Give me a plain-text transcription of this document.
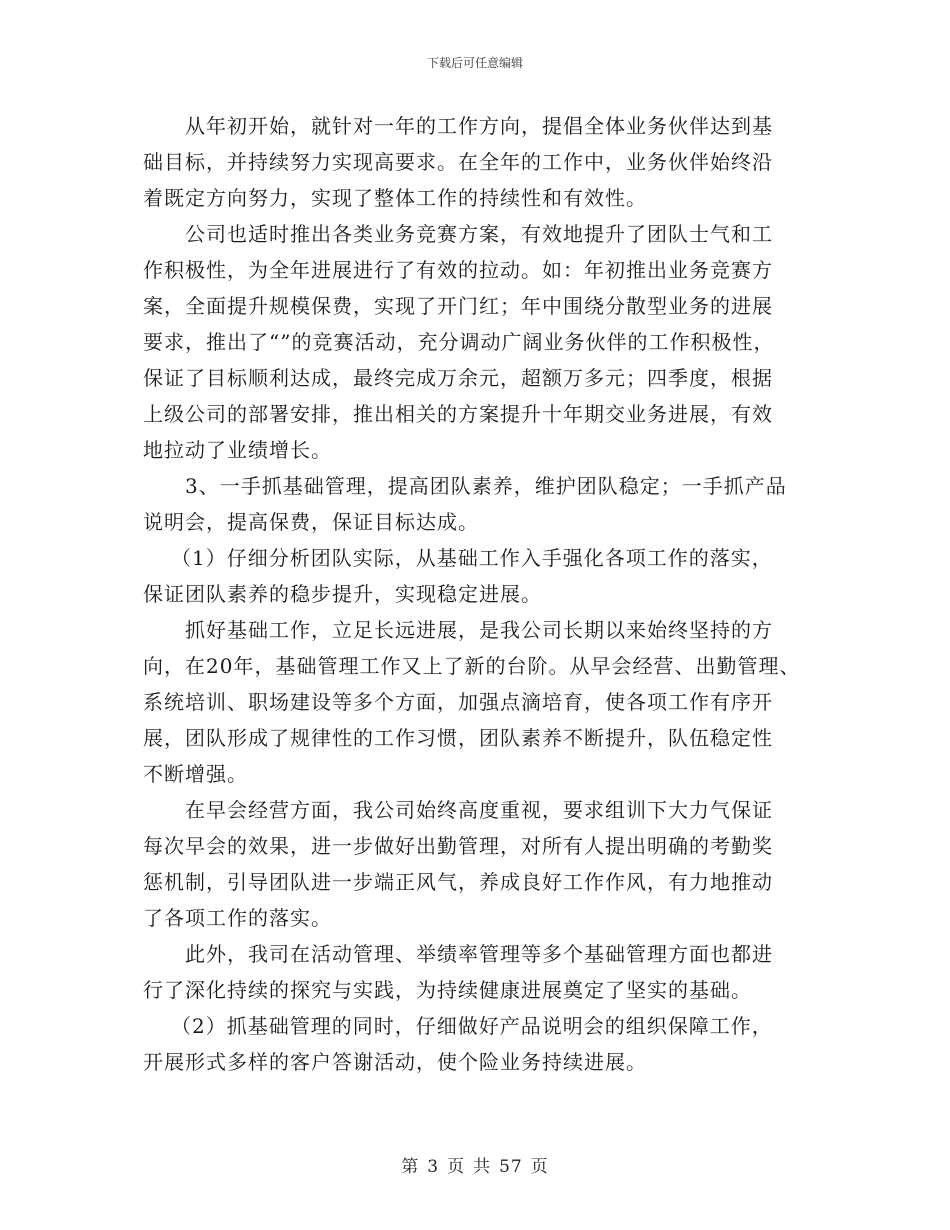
下载后可任意编辑
从年初开始，就针对一年的工作方向，提倡全体业务伙伴达到基
础目标，并持续努力实现高要求。在全年的工作中，业务伙伴始终沿
着既定方向努力，实现了整体工作的持续性和有效性。
公司也适时推出各类业务竞赛方案，有效地提升了团队士气和工
作积极性，为全年进展进行了有效的拉动。如：年初推出业务竞赛方
案，全面提升规模保费，实现了开门红；年中围绕分散型业务的进展
要求，推出了“”的竞赛活动，充分调动广阔业务伙伴的工作积极性，
保证了目标顺利达成，最终完成万余元，超额万多元；四季度，根据
上级公司的部署安排，推出相关的方案提升十年期交业务进展，有效
地拉动了业绩增长。
3、一手抓基础管理，提高团队素养，维护团队稳定；一手抓产品
说明会，提高保费，保证目标达成。
（1）仔细分析团队实际，从基础工作入手强化各项工作的落实，
保证团队素养的稳步提升，实现稳定进展。
抓好基础工作，立足长远进展，是我公司长期以来始终坚持的方
向，在20年，基础管理工作又上了新的台阶。从早会经营、出勤管理、
系统培训、职场建设等多个方面，加强点滴培育，使各项工作有序开
展，团队形成了规律性的工作习惯，团队素养不断提升，队伍稳定性
不断增强。
在早会经营方面，我公司始终高度重视，要求组训下大力气保证
每次早会的效果，进一步做好出勤管理，对所有人提出明确的考勤奖
惩机制，引导团队进一步端正风气，养成良好工作作风，有力地推动
了各项工作的落实。
此外，我司在活动管理、举绩率管理等多个基础管理方面也都进
行了深化持续的探究与实践，为持续健康进展奠定了坚实的基础。
（2）抓基础管理的同时，仔细做好产品说明会的组织保障工作，
开展形式多样的客户答谢活动，使个险业务持续进展。
第 3 页 共 57 页
